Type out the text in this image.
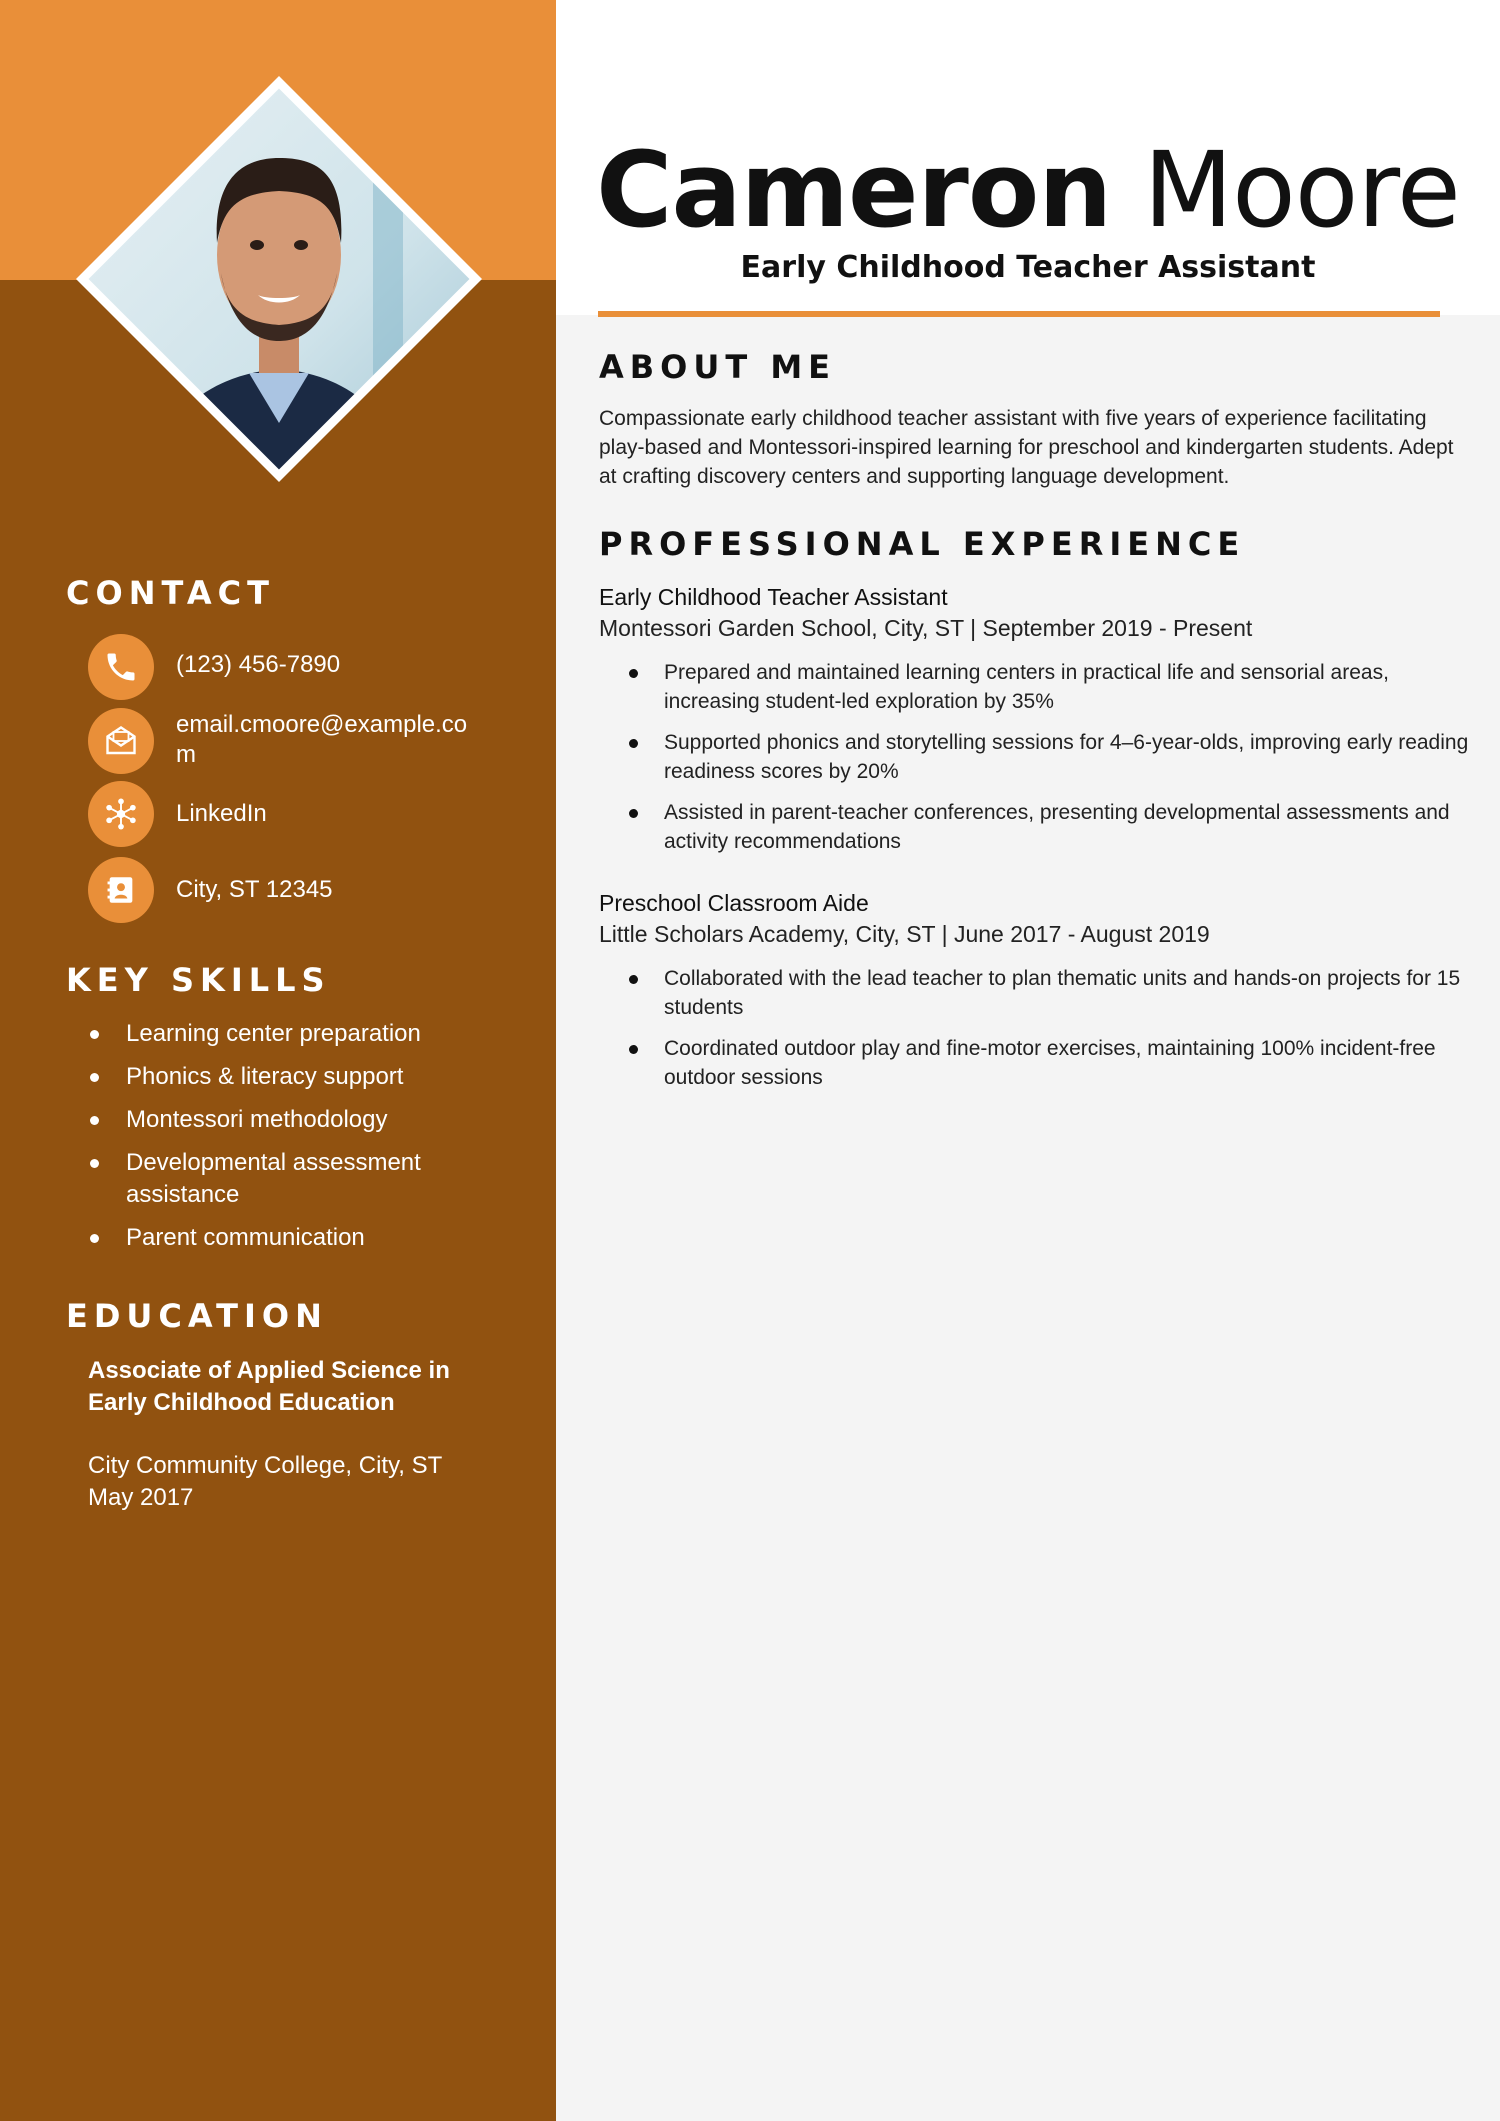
Cameron Moore
Early Childhood Teacher Assistant
CONTACT
(123) 456-7890
email.cmoore@example.com
LinkedIn
City, ST 12345
KEY SKILLS
Learning center preparation
Phonics & literacy support
Montessori methodology
Developmental assessment assistance
Parent communication
EDUCATION

Associate of Applied Science in Early Childhood Education

City Community College, City, ST
May 2017
ABOUT ME

Compassionate early childhood teacher assistant with five years of experience facilitating play-based and Montessori-inspired learning for preschool and kindergarten students. Adept at crafting discovery centers and supporting language development.

PROFESSIONAL EXPERIENCE
Early Childhood Teacher Assistant
Montessori Garden School, City, ST | September 2019 - Present
Prepared and maintained learning centers in practical life and sensorial areas, increasing student-led exploration by 35%
Supported phonics and storytelling sessions for 4–6-year-olds, improving early reading readiness scores by 20%
Assisted in parent-teacher conferences, presenting developmental assessments and activity recommendations
Preschool Classroom Aide
Little Scholars Academy, City, ST | June 2017 - August 2019
Collaborated with the lead teacher to plan thematic units and hands-on projects for 15 students
Coordinated outdoor play and fine-motor exercises, maintaining 100% incident-free outdoor sessions
